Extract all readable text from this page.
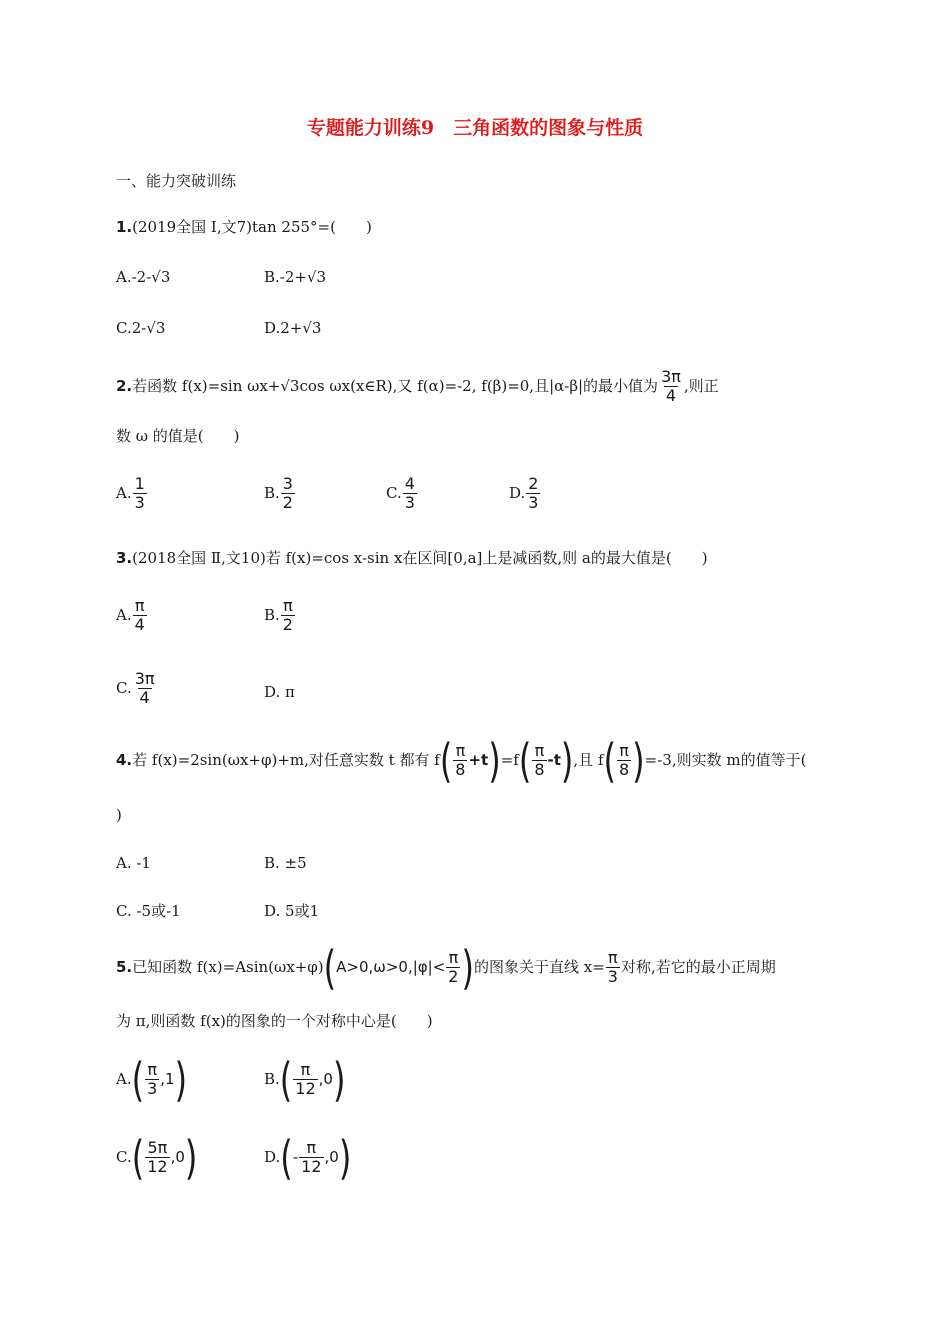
专题能力训练9　三角函数的图象与性质
一、能力突破训练
1.(2019全国 Ⅰ,文7)tan 255°=(　　)
A.-2-√3	B.-2+√3
C.2-√3	D.2+√3
2. 若函数 f(x)=sin ωx+√3cos ωx(x∈R),又 f(α)=-2, f(β)=0,且|α-β|的最小值为 $\frac{3\pi}{4}$ ,则正
数 ω 的值是(　　)
A. $\frac{1}{3}$	B. $\frac{3}{2}$	C. $\frac{4}{3}$	D. $\frac{2}{3}$
3.(2018全国 Ⅱ,文10)若 f(x)=cos x-sin x在区间[0,a]上是减函数,则 a的最大值是(　　)
A. $\frac{\pi}{4}$	B. $\frac{\pi}{2}$
C. $\frac{3\pi}{4}$	D. π
4. 若 f(x)=2sin(ωx+φ)+m,对任意实数 t 都有 f ( $\frac{\pi}{8} +t$ ) =f ( $\frac{\pi}{8} -t$ ) ,且 f ( $\frac{\pi}{8}$ ) =-3,则实数 m的值等于(
)
A. -1	B. ±5
C. -5或-1	D. 5或1
5. 已知函数 f(x)=Asin(ωx+φ) ( $A>0,\omega>0,|\varphi|< \frac{\pi}{2}$ ) 的图象关于直线 $x= \frac{\pi}{3}$ 对称,若它的最小正周期
为 π,则函数 f(x)的图象的一个对称中心是(　　)
A. ( $\frac{\pi}{3} ,1$ )	B. ( $\frac{\pi}{12} ,0$ )
C. ( $\frac{5\pi}{12} ,0$ )	D. ( - $\frac{\pi}{12} ,0$ )
